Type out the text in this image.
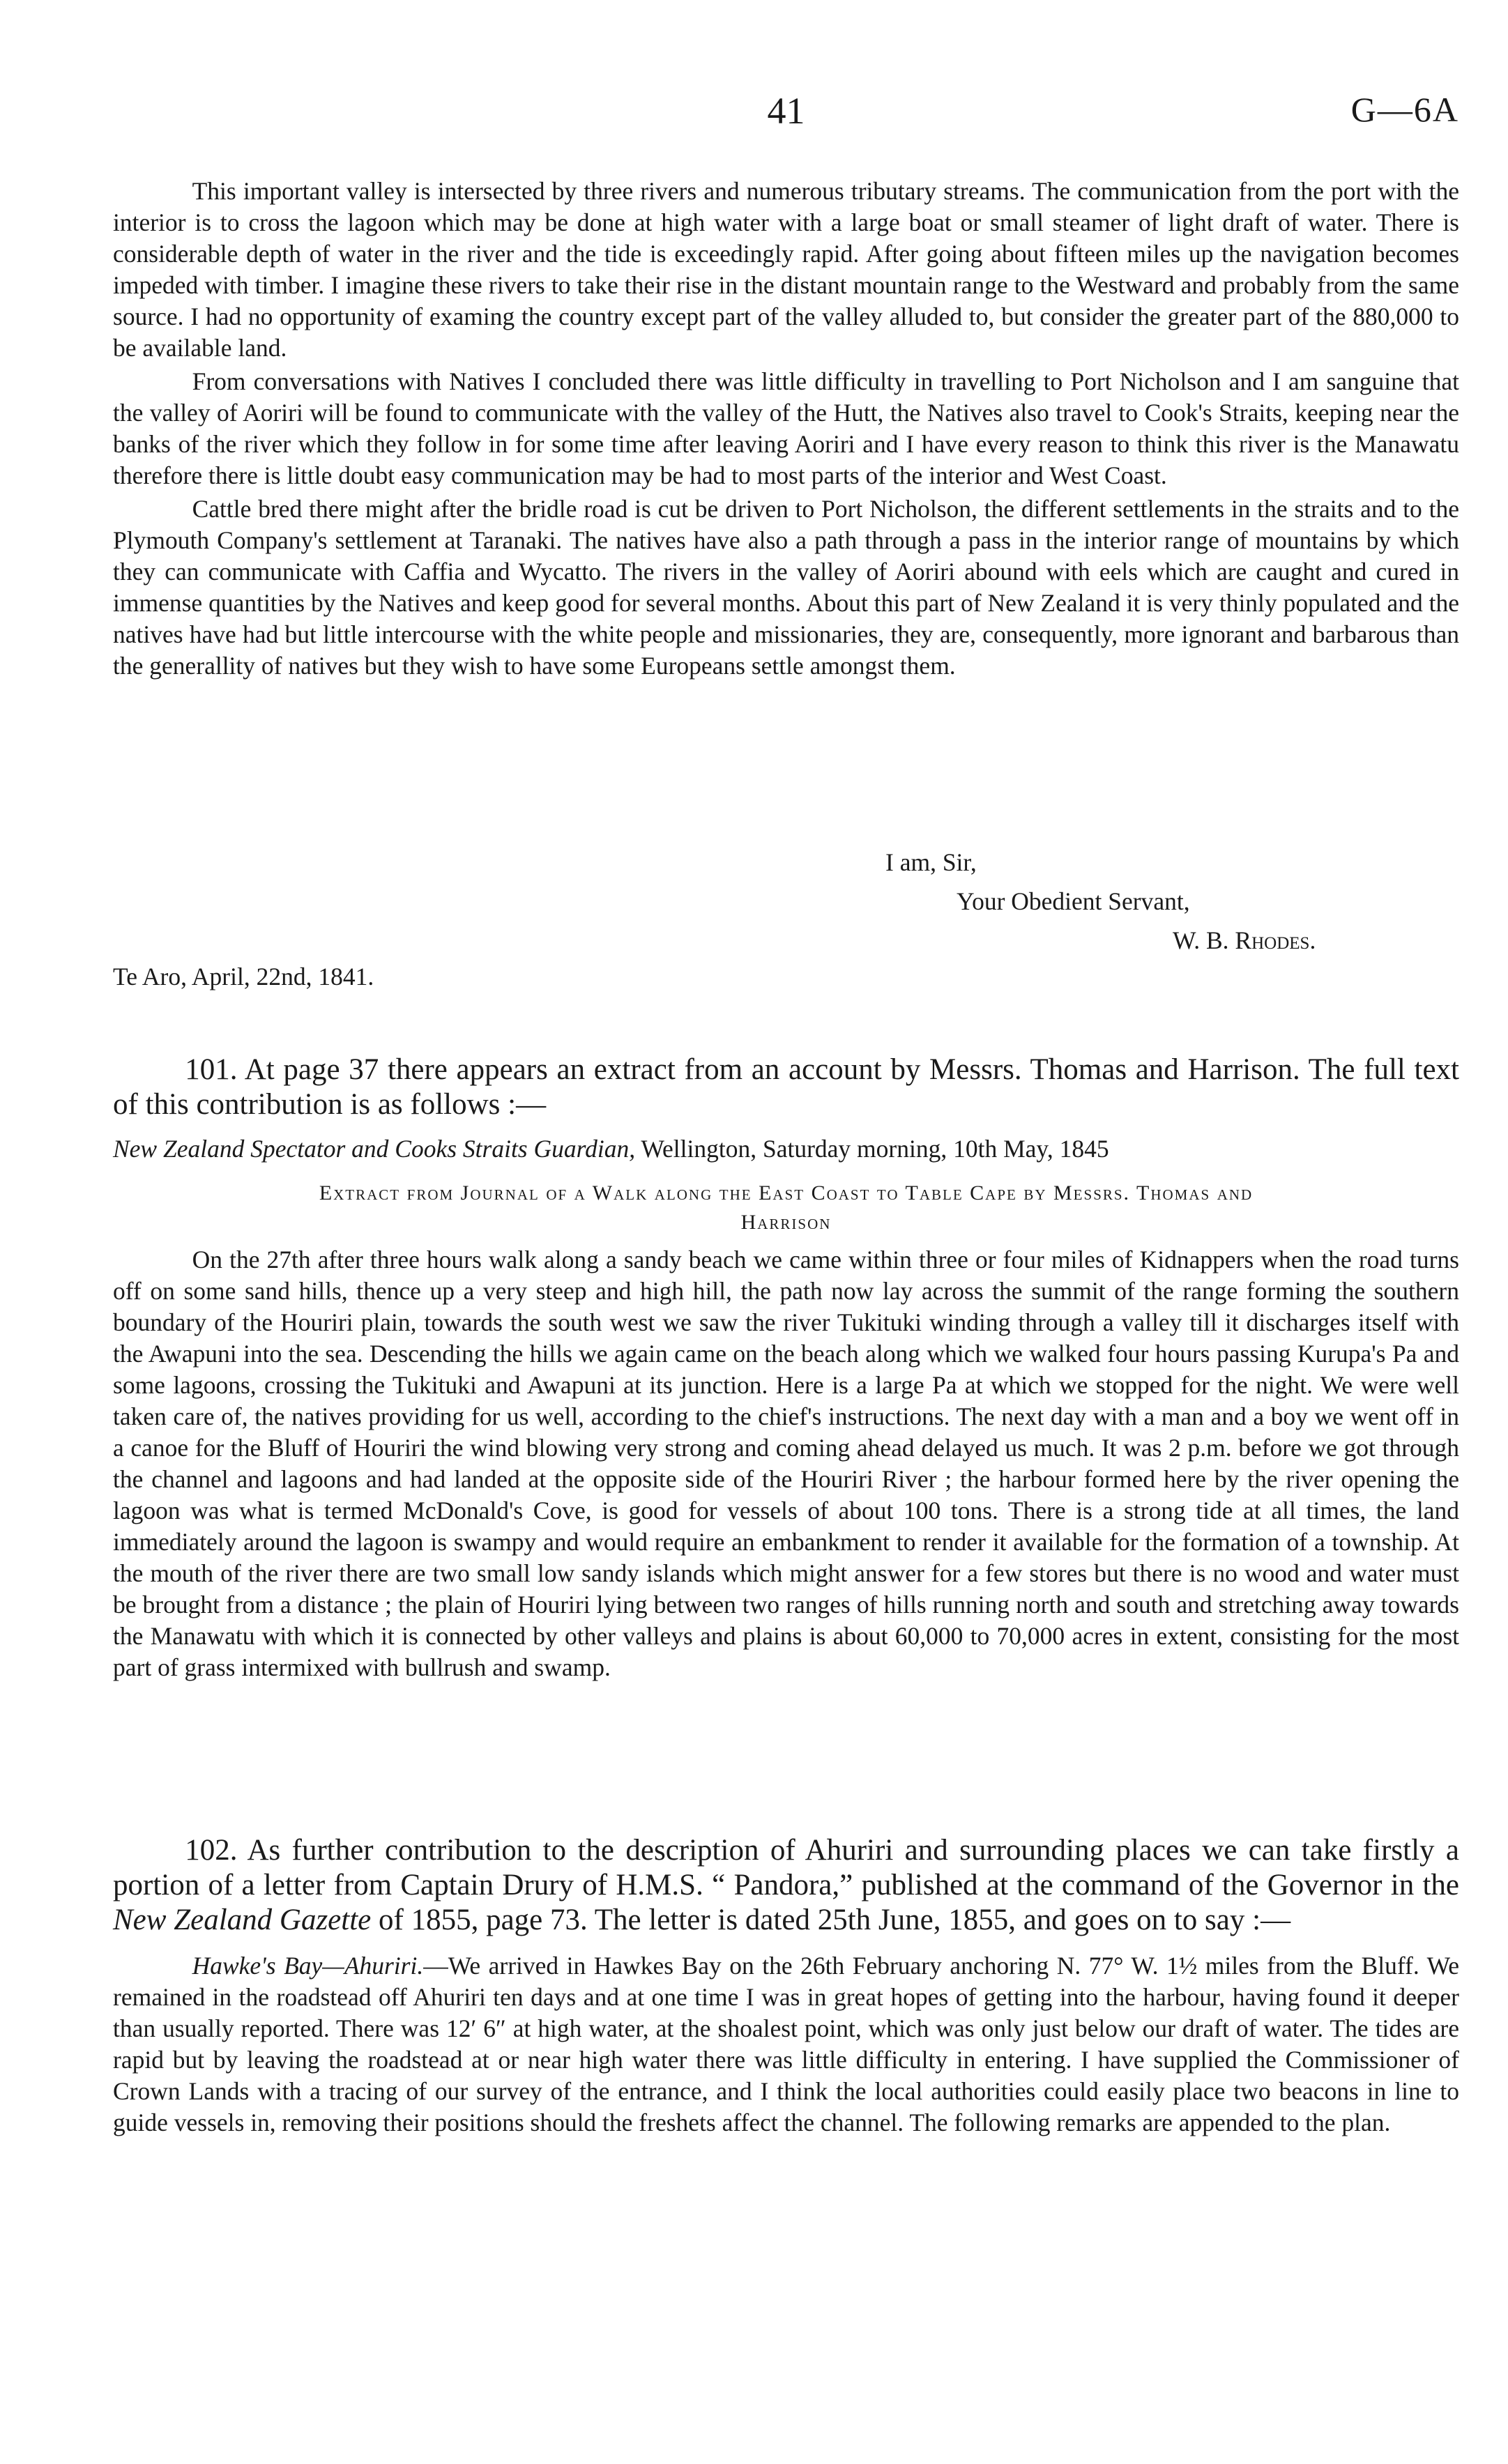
41	G—6A

This important valley is intersected by three rivers and numerous tributary streams. The communication from the port with the interior is to cross the lagoon which may be done at high water with a large boat or small steamer of light draft of water. There is considerable depth of water in the river and the tide is exceedingly rapid. After going about fifteen miles up the navigation becomes impeded with timber. I imagine these rivers to take their rise in the distant mountain range to the Westward and probably from the same source. I had no opportunity of examing the country except part of the valley alluded to, but consider the greater part of the 880,000 to be available land.

From conversations with Natives I concluded there was little difficulty in travelling to Port Nicholson and I am sanguine that the valley of Aoriri will be found to communicate with the valley of the Hutt, the Natives also travel to Cook's Straits, keeping near the banks of the river which they follow in for some time after leaving Aoriri and I have every reason to think this river is the Manawatu therefore there is little doubt easy communication may be had to most parts of the interior and West Coast.

Cattle bred there might after the bridle road is cut be driven to Port Nicholson, the different settlements in the straits and to the Plymouth Company's settlement at Taranaki. The natives have also a path through a pass in the interior range of mountains by which they can communicate with Caffia and Wycatto. The rivers in the valley of Aoriri abound with eels which are caught and cured in immense quantities by the Natives and keep good for several months. About this part of New Zealand it is very thinly populated and the natives have had but little intercourse with the white people and missionaries, they are, consequently, more ignorant and barbarous than the generallity of natives but they wish to have some Europeans settle amongst them.

I am, Sir,
Your Obedient Servant,
W. B. Rhodes.
Te Aro, April, 22nd, 1841.

101. At page 37 there appears an extract from an account by Messrs. Thomas and Harrison. The full text of this contribution is as follows :—

New Zealand Spectator and Cooks Straits Guardian, Wellington, Saturday morning, 10th May, 1845
Extract from Journal of a Walk along the East Coast to Table Cape by Messrs. Thomas and
Harrison

On the 27th after three hours walk along a sandy beach we came within three or four miles of Kidnappers when the road turns off on some sand hills, thence up a very steep and high hill, the path now lay across the summit of the range forming the southern boundary of the Houriri plain, towards the south west we saw the river Tukituki winding through a valley till it discharges itself with the Awapuni into the sea. Descending the hills we again came on the beach along which we walked four hours passing Kurupa's Pa and some lagoons, crossing the Tukituki and Awapuni at its junction. Here is a large Pa at which we stopped for the night. We were well taken care of, the natives providing for us well, according to the chief's instructions. The next day with a man and a boy we went off in a canoe for the Bluff of Houriri the wind blowing very strong and coming ahead delayed us much. It was 2 p.m. before we got through the channel and lagoons and had landed at the opposite side of the Houriri River ; the harbour formed here by the river opening the lagoon was what is termed McDonald's Cove, is good for vessels of about 100 tons. There is a strong tide at all times, the land immediately around the lagoon is swampy and would require an embankment to render it available for the formation of a township. At the mouth of the river there are two small low sandy islands which might answer for a few stores but there is no wood and water must be brought from a distance ; the plain of Houriri lying between two ranges of hills running north and south and stretching away towards the Manawatu with which it is connected by other valleys and plains is about 60,000 to 70,000 acres in extent, consisting for the most part of grass intermixed with bullrush and swamp.

102. As further contribution to the description of Ahuriri and surrounding places we can take firstly a portion of a letter from Captain Drury of H.M.S. “ Pandora,” published at the command of the Governor in the New Zealand Gazette of 1855, page 73. The letter is dated 25th June, 1855, and goes on to say :—

Hawke's Bay—Ahuriri.—We arrived in Hawkes Bay on the 26th February anchoring N. 77° W. 1½ miles from the Bluff. We remained in the roadstead off Ahuriri ten days and at one time I was in great hopes of getting into the harbour, having found it deeper than usually reported. There was 12′ 6″ at high water, at the shoalest point, which was only just below our draft of water. The tides are rapid but by leaving the roadstead at or near high water there was little difficulty in entering. I have supplied the Commissioner of Crown Lands with a tracing of our survey of the entrance, and I think the local authorities could easily place two beacons in line to guide vessels in, removing their positions should the freshets affect the channel. The following remarks are appended to the plan.
